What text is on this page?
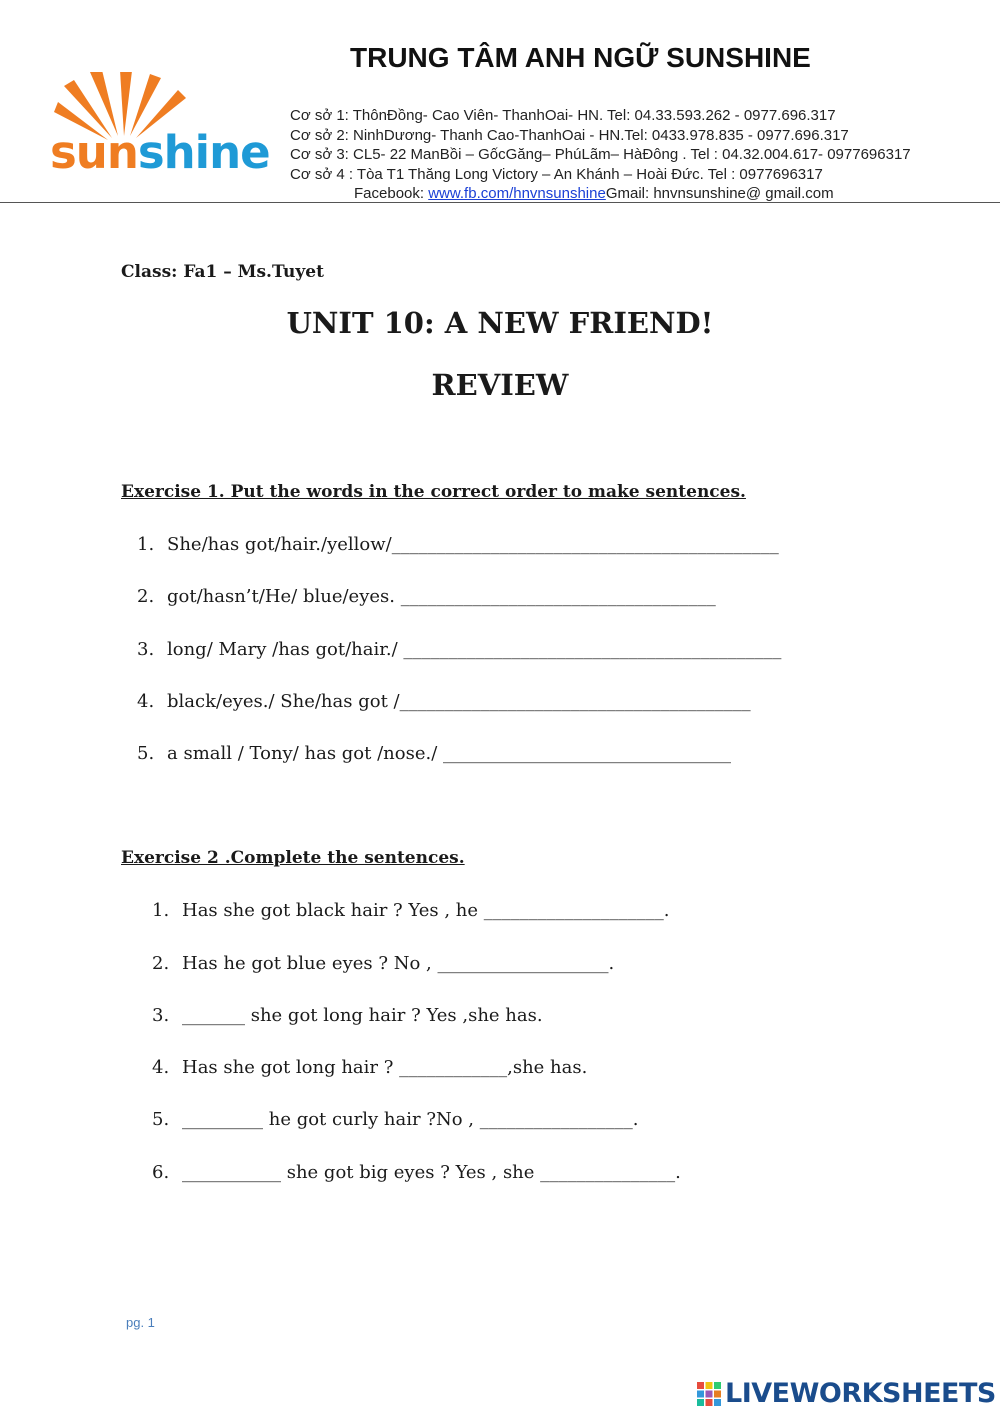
sunshine
TRUNG TÂM ANH NGỮ SUNSHINE
Cơ sở 1: ThônĐồng- Cao Viên- ThanhOai- HN. Tel: 04.33.593.262 - 0977.696.317
Cơ sở 2: NinhDương- Thanh Cao-ThanhOai - HN.Tel: 0433.978.835 - 0977.696.317
Cơ sở 3: CL5- 22 ManBồi – GốcGăng– PhúLãm– HàĐông . Tel : 04.32.004.617- 0977696317
Cơ sở 4 : Tòa T1 Thăng Long Victory – An Khánh – Hoài Đức. Tel : 0977696317
Facebook: www.fb.com/hnvnsunshineGmail: hnvnsunshine@ gmail.com

Class: Fa1 – Ms.Tuyet

UNIT 10: A NEW FRIEND!
REVIEW

Exercise 1. Put the words in the correct order to make sentences.

1. She/has got/hair./yellow/___________________________________________

2. got/hasn’t/He/ blue/eyes. ___________________________________

3. long/ Mary /has got/hair./ __________________________________________

4. black/eyes./ She/has got /_______________________________________

5. a small / Tony/ has got /nose./ ________________________________

Exercise 2 .Complete the sentences.

1. Has she got black hair ? Yes , he ____________________.

2. Has he got blue eyes ? No , ___________________.

3. _______ she got long hair ? Yes ,she has.

4. Has she got long hair ? ____________,she has.

5. _________ he got curly hair ?No , _________________.

6. ___________ she got big eyes ? Yes , she _______________.

pg. 1
LIVEWORKSHEETS
